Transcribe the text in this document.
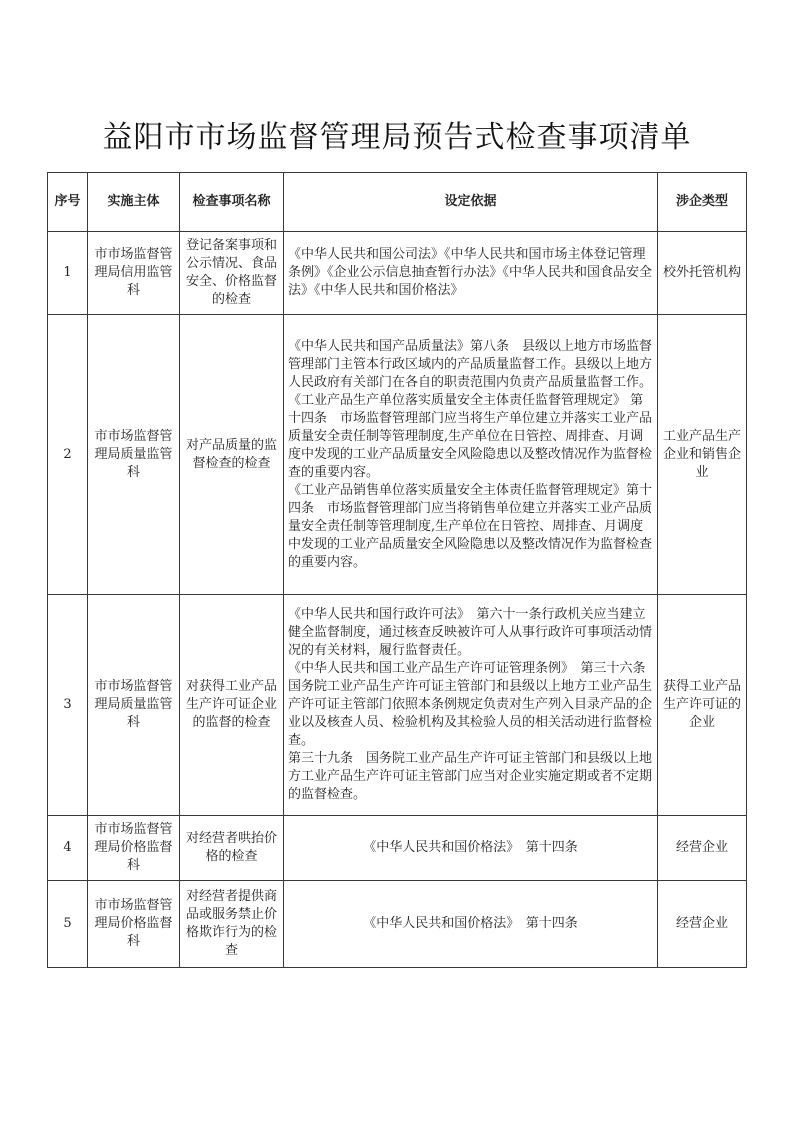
益阳市市场监督管理局预告式检查事项清单
序号	实施主体	检查事项名称	设定依据	涉企类型
1	市市场监督管理局信用监管科	登记备案事项和公示情况、食品安全、价格监督的检查	《中华人民共和国公司法》《中华人民共和国市场主体登记管理条例》《企业公示信息抽查暂行办法》《中华人民共和国食品安全法》《中华人民共和国价格法》	校外托管机构
2	市市场监督管理局质量监管科	对产品质量的监督检查的检查	《中华人民共和国产品质量法》第八条　县级以上地方市场监督管理部门主管本行政区域内的产品质量监督工作。县级以上地方人民政府有关部门在各自的职责范围内负责产品质量监督工作。
《工业产品生产单位落实质量安全主体责任监督管理规定》 第十四条　市场监督管理部门应当将生产单位建立并落实工业产品质量安全责任制等管理制度,生产单位在日管控、周排查、月调度中发现的工业产品质量安全风险隐患以及整改情况作为监督检查的重要内容。
《工业产品销售单位落实质量安全主体责任监督管理规定》第十四条　市场监督管理部门应当将销售单位建立并落实工业产品质量安全责任制等管理制度,生产单位在日管控、周排查、月调度中发现的工业产品质量安全风险隐患以及整改情况作为监督检查的重要内容。	工业产品生产企业和销售企业
3	市市场监督管理局质量监管科	对获得工业产品生产许可证企业的监督的检查	《中华人民共和国行政许可法》　第六十一条行政机关应当建立健全监督制度，通过核查反映被许可人从事行政许可事项活动情况的有关材料，履行监督责任。
《中华人民共和国工业产品生产许可证管理条例》　第三十六条　国务院工业产品生产许可证主管部门和县级以上地方工业产品生产许可证主管部门依照本条例规定负责对生产列入目录产品的企业以及核查人员、检验机构及其检验人员的相关活动进行监督检查。
第三十九条　国务院工业产品生产许可证主管部门和县级以上地方工业产品生产许可证主管部门应当对企业实施定期或者不定期的监督检查。	获得工业产品生产许可证的企业
4	市市场监督管理局价格监督科	对经营者哄抬价格的检查	《中华人民共和国价格法》　第十四条	经营企业
5	市市场监督管理局价格监督科	对经营者提供商品或服务禁止价格欺诈行为的检查	《中华人民共和国价格法》　第十四条	经营企业
